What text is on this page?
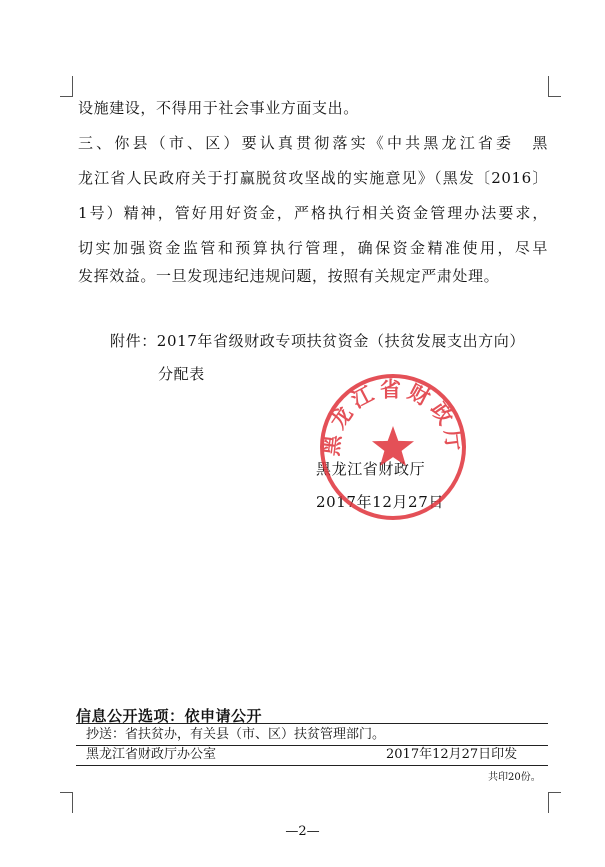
设施建设，不得用于社会事业方面支出。
三、你县（市、区）要认真贯彻落实《中共黑龙江省委　黑
龙江省人民政府关于打赢脱贫攻坚战的实施意见》（黑发〔2016〕
1号）精神，管好用好资金，严格执行相关资金管理办法要求，
切实加强资金监管和预算执行管理，确保资金精准使用，尽早
发挥效益。一旦发现违纪违规问题，按照有关规定严肃处理。
附件：2017年省级财政专项扶贫资金（扶贫发展支出方向）
分配表
黑龙江省财政厅
2017年12月27日
黑龙江省财政厅
信息公开选项：依申请公开
抄送：省扶贫办，有关县（市、区）扶贫管理部门。
黑龙江省财政厅办公室	2017年12月27日印发
共印20份。
—2—
